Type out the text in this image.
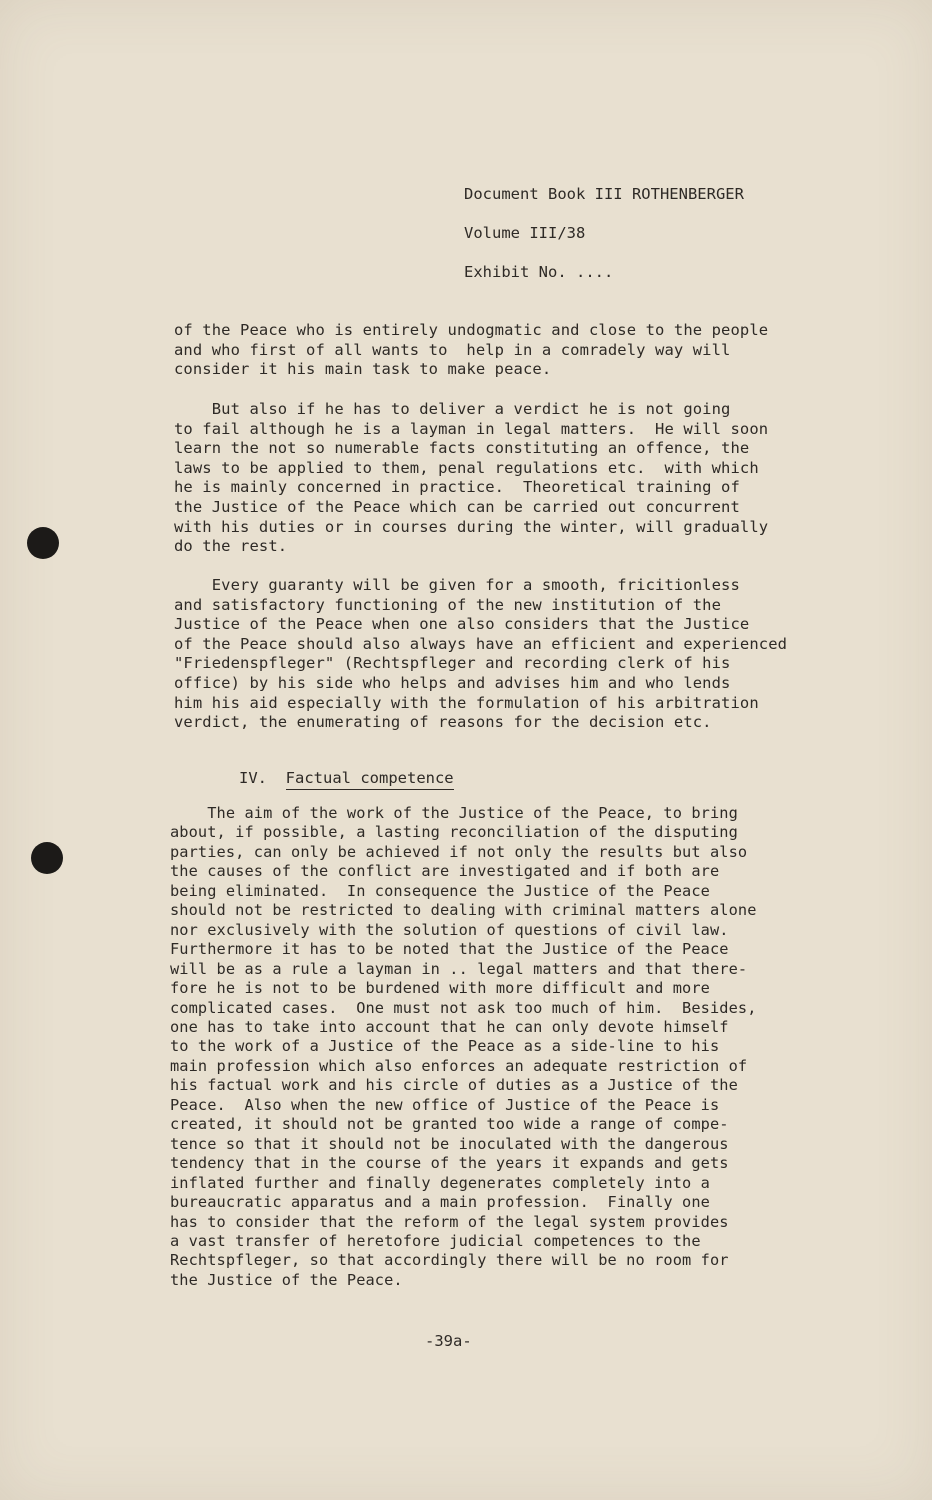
Document Book III ROTHENBERGER
Volume III/38
Exhibit No. ....
of the Peace who is entirely undogmatic and close to the people
and who first of all wants to  help in a comradely way will
consider it his main task to make peace.
But also if he has to deliver a verdict he is not going
to fail although he is a layman in legal matters.  He will soon
learn the not so numerable facts constituting an offence, the
laws to be applied to them, penal regulations etc.  with which
he is mainly concerned in practice.  Theoretical training of
the Justice of the Peace which can be carried out concurrent
with his duties or in courses during the winter, will gradually
do the rest.
Every guaranty will be given for a smooth, fricitionless
and satisfactory functioning of the new institution of the
Justice of the Peace when one also considers that the Justice
of the Peace should also always have an efficient and experienced
"Friedenspfleger" (Rechtspfleger and recording clerk of his
office) by his side who helps and advises him and who lends
him his aid especially with the formulation of his arbitration
verdict, the enumerating of reasons for the decision etc.
IV. Factual competence
The aim of the work of the Justice of the Peace, to bring
about, if possible, a lasting reconciliation of the disputing
parties, can only be achieved if not only the results but also
the causes of the conflict are investigated and if both are
being eliminated.  In consequence the Justice of the Peace
should not be restricted to dealing with criminal matters alone
nor exclusively with the solution of questions of civil law.
Furthermore it has to be noted that the Justice of the Peace
will be as a rule a layman in .. legal matters and that there-
fore he is not to be burdened with more difficult and more
complicated cases.  One must not ask too much of him.  Besides,
one has to take into account that he can only devote himself
to the work of a Justice of the Peace as a side-line to his
main profession which also enforces an adequate restriction of
his factual work and his circle of duties as a Justice of the
Peace.  Also when the new office of Justice of the Peace is
created, it should not be granted too wide a range of compe-
tence so that it should not be inoculated with the dangerous
tendency that in the course of the years it expands and gets
inflated further and finally degenerates completely into a
bureaucratic apparatus and a main profession.  Finally one
has to consider that the reform of the legal system provides
a vast transfer of heretofore judicial competences to the
Rechtspfleger, so that accordingly there will be no room for
the Justice of the Peace.
-39a-
